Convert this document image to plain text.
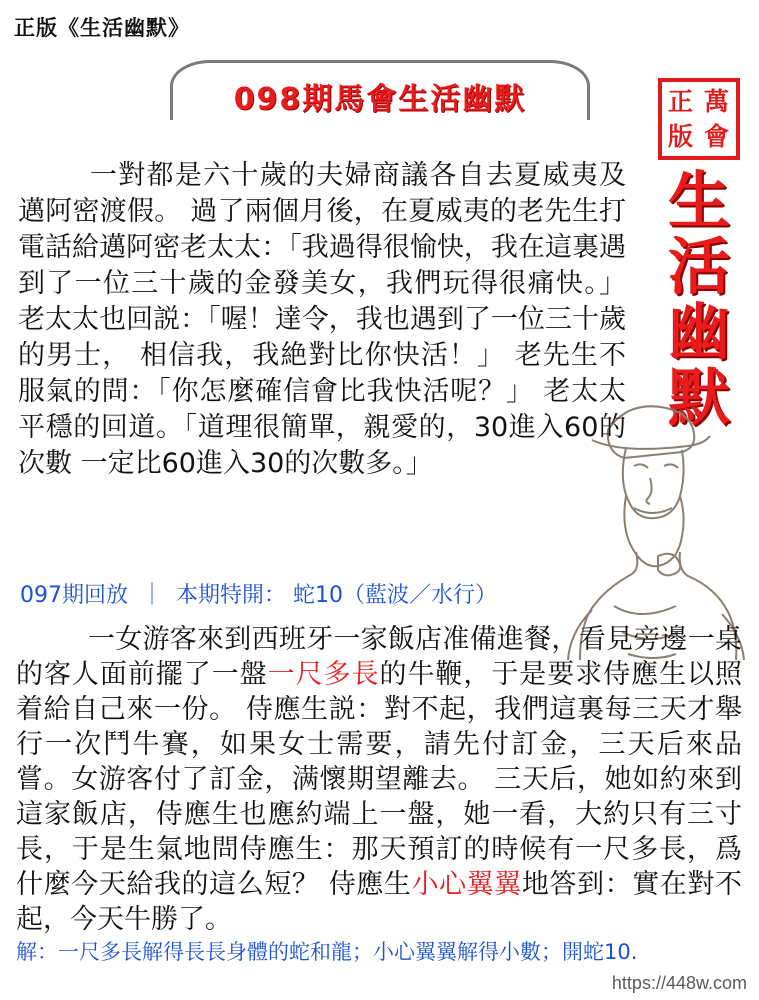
正版《生活幽默》
098期馬會生活幽默	正 萬
版 會
生
活
幽
默
一對都是六十歲的夫婦商議各自去夏威夷及邁阿密渡假。 過了兩個月後，在夏威夷的老先生打電話給邁阿密老太太：「我過得很愉快，我在這裏遇到了一位三十歲的金發美女，我們玩得很痛快。」 老太太也回説：「喔！達令，我也遇到了一位三十歲的男士， 相信我，我絶對比你快活！」 老先生不服氣的問：「你怎麼確信會比我快活呢？」 老太太平穩的回道。「道理很簡單，親愛的，30進入60的次數 一定比60進入30的次數多。」
097期回放 ｜ 本期特開： 蛇10（藍波／水行）
一女游客來到西班牙一家飯店准備進餐，看見旁邊一桌的客人面前擺了一盤一尺多長的牛鞭，于是要求侍應生以照着給自己來一份。 侍應生説：對不起，我們這裏每三天才舉行一次鬥牛賽，如果女士需要，請先付訂金，三天后來品嘗。女游客付了訂金，满懷期望離去。 三天后，她如約來到這家飯店，侍應生也應約端上一盤，她一看，大約只有三寸長，于是生氣地問侍應生：那天預訂的時候有一尺多長，爲什麼今天給我的這么短？ 侍應生小心翼翼地答到：實在對不起，今天牛勝了。
解：一尺多長解得長長身體的蛇和龍；小心翼翼解得小數；開蛇10.
https://448w.com
